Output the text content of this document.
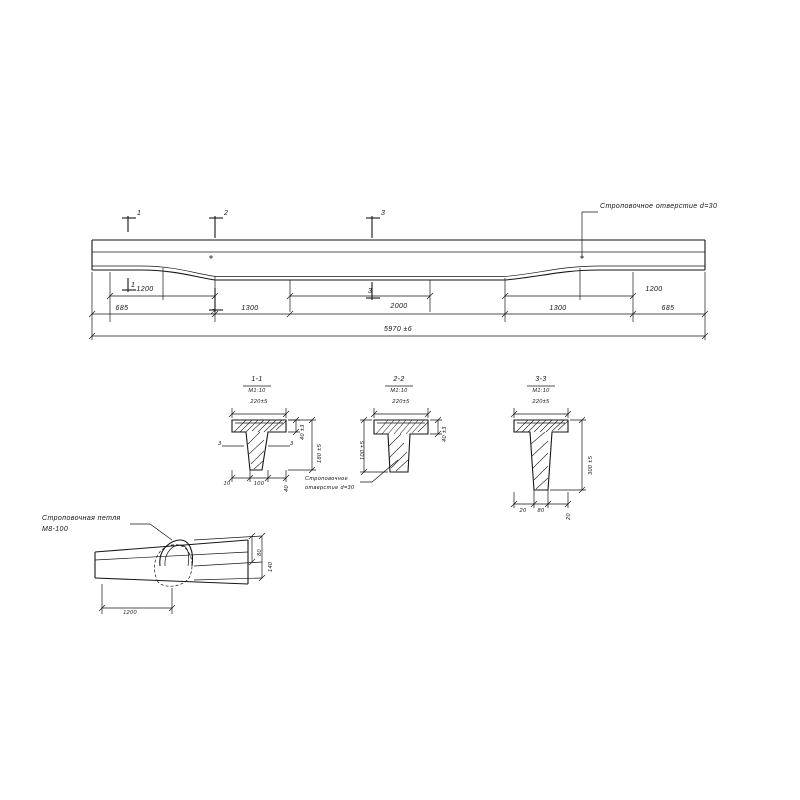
Строповочное отверстие d=30
1
1
2
2
3
3
1200
2000
1200
685	1300	1300	685
5970 ±6
1-1
М1:10
220±5
40 ±3
180 ±5
3	3
10	100
40
2-2
М1:10
220±5
100 ±5
40 ±3
Строповочное
отверстие d=30
3-3
М1:10
220±5
300 ±5
20 80
20
Строповочная петля
М8-100
80
140
1200
